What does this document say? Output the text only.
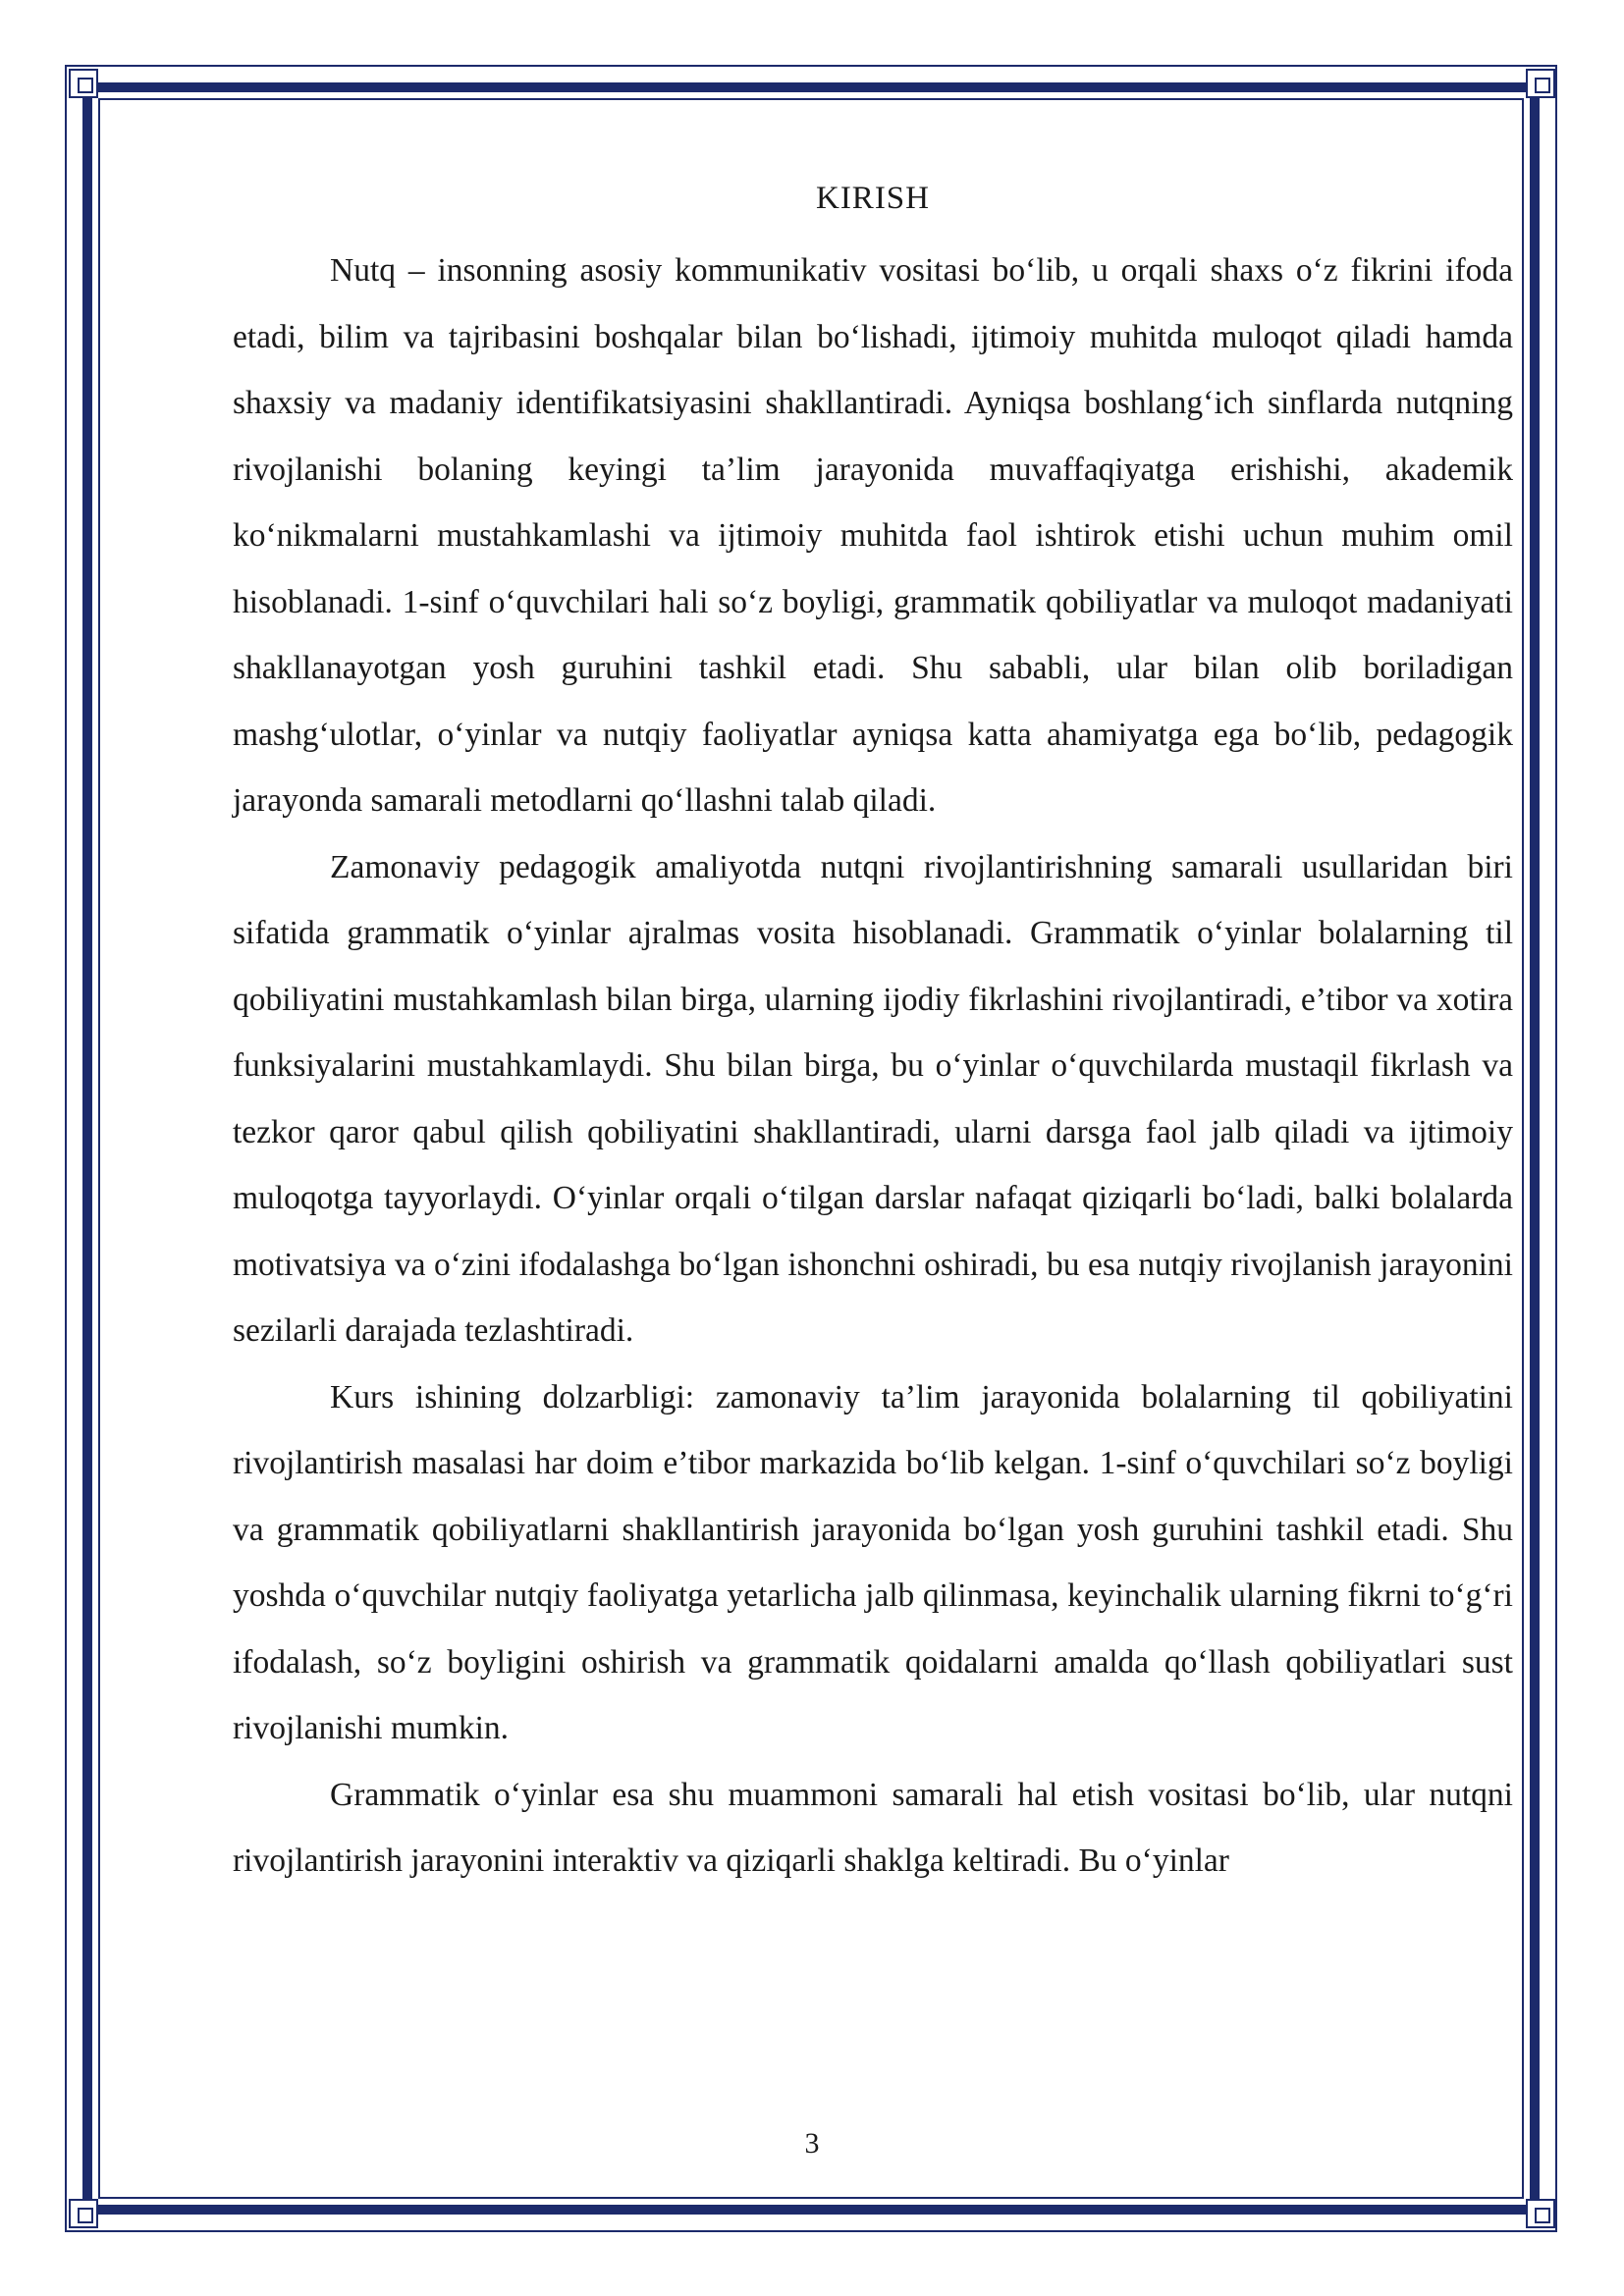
KIRISH

Nutq – insonning asosiy kommunikativ vositasi bo‘lib, u orqali shaxs o‘z fikrini ifoda etadi, bilim va tajribasini boshqalar bilan bo‘lishadi, ijtimoiy muhitda muloqot qiladi hamda shaxsiy va madaniy identifikatsiyasini shakllantiradi. Ayniqsa boshlang‘ich sinflarda nutqning rivojlanishi bolaning keyingi ta’lim jarayonida muvaffaqiyatga erishishi, akademik ko‘nikmalarni mustahkamlashi va ijtimoiy muhitda faol ishtirok etishi uchun muhim omil hisoblanadi. 1-sinf o‘quvchilari hali so‘z boyligi, grammatik qobiliyatlar va muloqot madaniyati shakllanayotgan yosh guruhini tashkil etadi. Shu sababli, ular bilan olib boriladigan mashg‘ulotlar, o‘yinlar va nutqiy faoliyatlar ayniqsa katta ahamiyatga ega bo‘lib, pedagogik jarayonda samarali metodlarni qo‘llashni talab qiladi.

Zamonaviy pedagogik amaliyotda nutqni rivojlantirishning samarali usullaridan biri sifatida grammatik o‘yinlar ajralmas vosita hisoblanadi. Grammatik o‘yinlar bolalarning til qobiliyatini mustahkamlash bilan birga, ularning ijodiy fikrlashini rivojlantiradi, e’tibor va xotira funksiyalarini mustahkamlaydi. Shu bilan birga, bu o‘yinlar o‘quvchilarda mustaqil fikrlash va tezkor qaror qabul qilish qobiliyatini shakllantiradi, ularni darsga faol jalb qiladi va ijtimoiy muloqotga tayyorlaydi. O‘yinlar orqali o‘tilgan darslar nafaqat qiziqarli bo‘ladi, balki bolalarda motivatsiya va o‘zini ifodalashga bo‘lgan ishonchni oshiradi, bu esa nutqiy rivojlanish jarayonini sezilarli darajada tezlashtiradi.

Kurs ishining dolzarbligi: zamonaviy ta’lim jarayonida bolalarning til qobiliyatini rivojlantirish masalasi har doim e’tibor markazida bo‘lib kelgan. 1-sinf o‘quvchilari so‘z boyligi va grammatik qobiliyatlarni shakllantirish jarayonida bo‘lgan yosh guruhini tashkil etadi. Shu yoshda o‘quvchilar nutqiy faoliyatga yetarlicha jalb qilinmasa, keyinchalik ularning fikrni to‘g‘ri ifodalash, so‘z boyligini oshirish va grammatik qoidalarni amalda qo‘llash qobiliyatlari sust rivojlanishi mumkin.

Grammatik o‘yinlar esa shu muammoni samarali hal etish vositasi bo‘lib, ular nutqni rivojlantirish jarayonini interaktiv va qiziqarli shaklga keltiradi. Bu o‘yinlar

3
